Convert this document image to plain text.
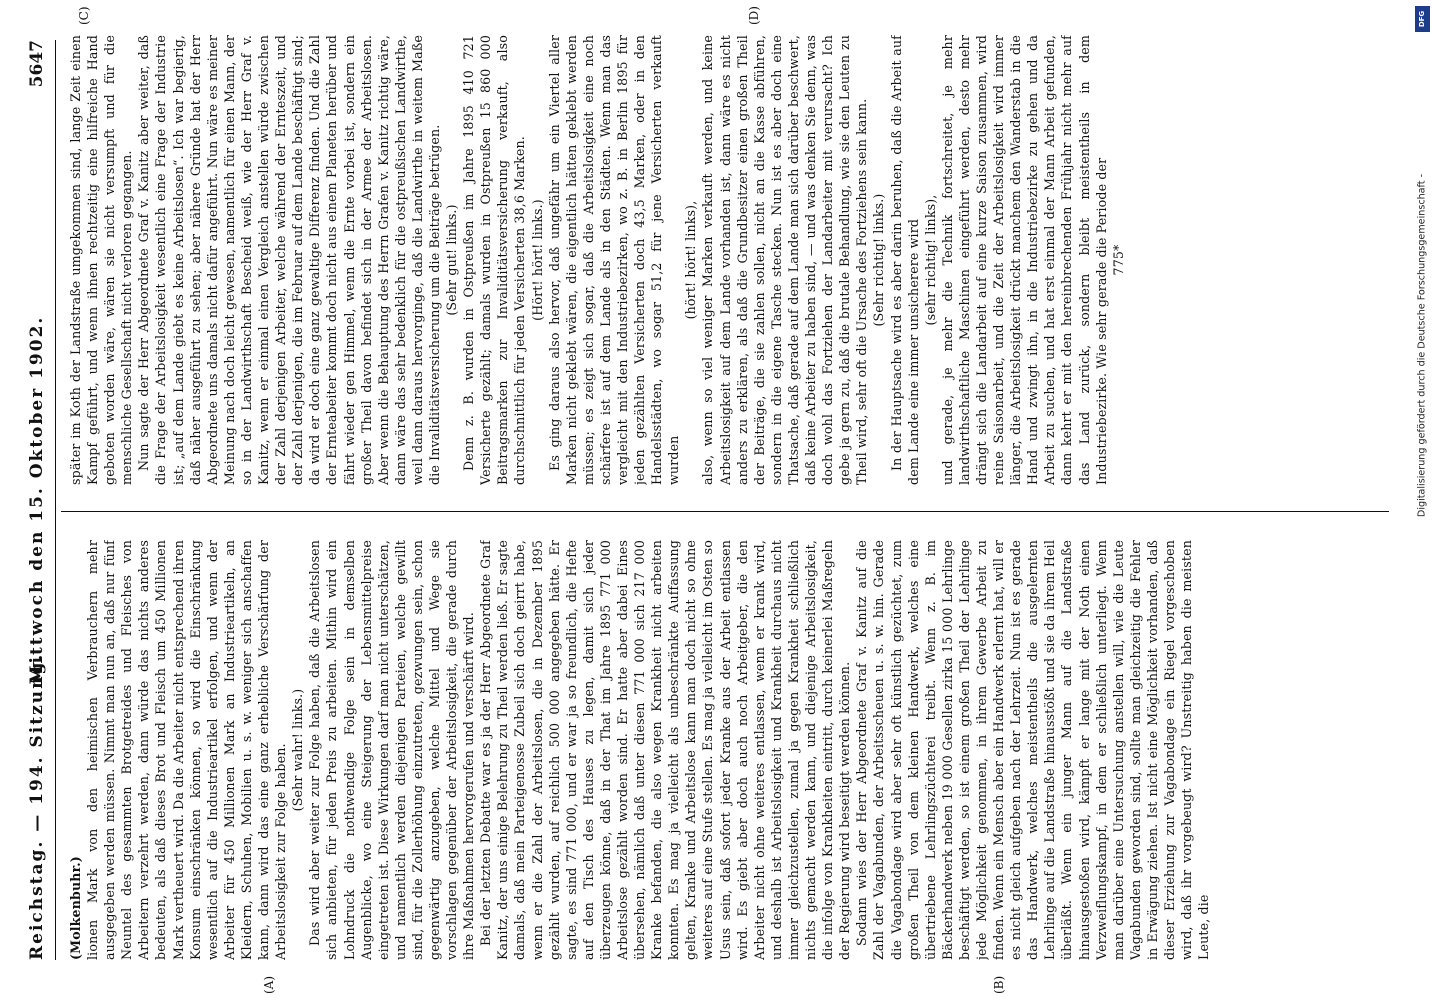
Reichstag. — 194. Sitzung.
Mittwoch den 15. Oktober 1902.
5647
(A)	(B)
(C)	(D)

(Molkenbuhr.) lionen Mark von den heimischen Verbrauchern mehr ausgegeben werden müssen. Nimmt man nun an, daß nur fünf Neuntel des gesammten Brotgetreides und Fleisches von Arbeitern verzehrt werden, dann würde das nichts anderes bedeuten, als daß dieses Brot und Fleisch um 450 Millionen Mark vertheuert wird. Da die Arbeiter nicht entsprechend ihren Konsum einschränken können, so wird die Einschränkung wesentlich auf die Industrieartikel erfolgen, und wenn der Arbeiter für 450 Millionen Mark an Industrieartikeln, an Kleidern, Schuhen, Mobilien u. s. w. weniger sich anschaffen kann, dann wird das eine ganz erhebliche Verschärfung der Arbeitslosigkeit zur Folge haben. (Sehr wahr! links.) Das wird aber weiter zur Folge haben, daß die Arbeitslosen sich anbieten, für jeden Preis zu arbeiten. Mithin wird ein Lohndruck die nothwendige Folge sein in demselben Augenblicke, wo eine Steigerung der Lebensmittelpreise eingetreten ist. Diese Wirkungen darf man nicht unterschätzen, und namentlich werden diejenigen Parteien, welche gewillt sind, für die Zollerhöhung einzutreten, gezwungen sein, schon gegenwärtig anzugeben, welche Mittel und Wege sie vorschlagen gegenüber der Arbeitslosigkeit, die gerade durch ihre Maßnahmen hervorgerufen und verschärft wird. Bei der letzten Debatte war es ja der Herr Abgeordnete Graf Kanitz, der uns einige Belehrung zu Theil werden ließ. Er sagte damals, daß mein Parteigenosse Zubeil sich doch geirrt habe, wenn er die Zahl der Arbeitslosen, die in Dezember 1895 gezählt wurden, auf reichlich 500 000 angegeben hätte. Er sagte, es sind 771 000, und er war ja so freundlich, die Hefte auf den Tisch des Hauses zu legen, damit sich jeder überzeugen könne, daß in der That im Jahre 1895 771 000 Arbeitslose gezählt worden sind. Er hatte aber dabei Eines übersehen, nämlich daß unter diesen 771 000 sich 217 000 Kranke befanden, die also wegen Krankheit nicht arbeiten konnten. Es mag ja vielleicht als unbeschränkte Auffassung gelten, Kranke und Arbeitslose kann man doch nicht so ohne weiteres auf eine Stufe stellen. Es mag ja vielleicht im Osten so Usus sein, daß sofort jeder Kranke aus der Arbeit entlassen wird. Es giebt aber doch auch noch Arbeitgeber, die den Arbeiter nicht ohne weiteres entlassen, wenn er krank wird, und deshalb ist Arbeitslosigkeit und Krankheit durchaus nicht immer gleichzustellen, zumal ja gegen Krankheit schließlich nichts gemacht werden kann, und diejenige Arbeitslosigkeit, die infolge von Krankheiten eintritt, durch keinerlei Maßregeln der Regierung wird beseitigt werden können. Sodann wies der Herr Abgeordnete Graf v. Kanitz auf die Zahl der Vagabunden, der Arbeitsscheuen u. s. w. hin. Gerade die Vagabondage wird aber sehr oft künstlich gezüchtet, zum großen Theil von dem kleinen Handwerk, welches eine übertriebene Lehrlingszüchterei treibt. Wenn z. B. im Bäckerhandwerk neben 19 000 Gesellen zirka 15 000 Lehrlinge beschäftigt werden, so ist einem großen Theil der Lehrlinge jede Möglichkeit genommen, in ihrem Gewerbe Arbeit zu finden. Wenn ein Mensch aber ein Handwerk erlernt hat, will er es nicht gleich aufgeben nach der Lehrzeit. Nun ist es gerade das Handwerk, welches meistentheils die ausgelernten Lehrlinge auf die Landstraße hinausstößt und sie da ihrem Heil überläßt. Wenn ein junger Mann auf die Landstraße hinausgestoßen wird, kämpft er lange mit der Noth einen Verzweiflungskampf, in dem er schließlich unterliegt. Wenn man darüber eine Untersuchung anstellen will, wie die Leute Vagabunden geworden sind, sollte man gleichzeitig die Fehler in Erwägung ziehen. Ist nicht eine Möglichkeit vorhanden, daß dieser Erziehung zur Vagabondage ein Riegel vorgeschoben wird, daß ihr vorgebeugt wird? Unstreitig haben die meisten Leute, die

später im Koth der Landstraße umgekommen sind, lange Zeit einen Kampf geführt, und wenn ihnen rechtzeitig eine hilfreiche Hand geboten worden wäre, wären sie nicht versumpft und für die menschliche Gesellschaft nicht verloren gegangen. Nun sagte der Herr Abgeordnete Graf v. Kanitz aber weiter, daß die Frage der Arbeitslosigkeit wesentlich eine Frage der Industrie ist; „auf dem Lande giebt es keine Arbeitslosen“. Ich war begierig, daß näher ausgeführt zu sehen; aber nähere Gründe hat der Herr Abgeordnete uns damals nicht dafür angeführt. Nun wäre es meiner Meinung nach doch leicht gewesen, namentlich für einen Mann, der so in der Landwirthschaft Bescheid weiß, wie der Herr Graf v. Kanitz, wenn er einmal einen Vergleich anstellen würde zwischen der Zahl derjenigen Arbeiter, welche während der Ernteszeit, und der Zahl derjenigen, die im Februar auf dem Lande beschäftigt sind; da wird er doch eine ganz gewaltige Differenz finden. Und die Zahl der Ernteabeiter kommt doch nicht aus einem Planeten herüber und fährt wieder gen Himmel, wenn die Ernte vorbei ist, sondern ein großer Theil davon befindet sich in der Armee der Arbeitslosen. Aber wenn die Behauptung des Herrn Grafen v. Kanitz richtig wäre, dann wäre das sehr bedenklich für die ostpreußischen Landwirthe, weil dann daraus hervorginge, daß die Landwirthe in weitem Maße die Invaliditätsversicherung um die Beiträge betrügen. (Sehr gut! links.) Denn z. B. wurden in Ostpreußen im Jahre 1895 410 721 Versicherte gezählt; damals wurden in Ostpreußen 15 860 000 Beitragsmarken zur Invaliditätsversicherung verkauft, also durchschnittlich für jeden Versicherten 38,6 Marken. (Hört! hört! links.) Es ging daraus also hervor, daß ungefähr um ein Viertel aller Marken nicht geklebt wären, die eigentlich hätten geklebt werden müssen; es zeigt sich sogar, daß die Arbeitslosigkeit eine noch schärfere ist auf dem Lande als in den Städten. Wenn man das vergleicht mit den Industriebezirken, wo z. B. in Berlin 1895 für jeden gezählten Versicherten doch 43,5 Marken, oder in den Handelsstädten, wo sogar 51,2 für jene Versicherten verkauft wurden

(hört! hört! links), also, wenn so viel weniger Marken verkauft werden, und keine Arbeitslosigkeit auf dem Lande vorhanden ist, dann wäre es nicht anders zu erklären, als daß die Grundbesitzer einen großen Theil der Beiträge, die sie zahlen sollen, nicht an die Kasse abführen, sondern in die eigene Tasche stecken. Nun ist es aber doch eine Thatsache, daß gerade auf dem Lande man sich darüber beschwert, daß keine Arbeiter zu haben sind, — und was denken Sie denn, was doch wohl das Fortziehen der Landarbeiter mit verursacht? Ich gebe ja gern zu, daß die brutale Behandlung, wie sie den Leuten zu Theil wird, sehr oft die Ursache des Fortziehens sein kann. (Sehr richtig! links.) In der Hauptsache wird es aber darin beruhen, daß die Arbeit auf dem Lande eine immer unsicherere wird (sehr richtig! links), und gerade, je mehr die Technik fortschreitet, je mehr landwirthschaftliche Maschinen eingeführt werden, desto mehr drängt sich die Landarbeit auf eine kurze Saison zusammen, wird reine Saisonarbeit, und die Zeit der Arbeitslosigkeit wird immer länger, die Arbeitslosigkeit drückt manchem den Wanderstab in die Hand und zwingt ihn, in die Industriebezirke zu gehen und da Arbeit zu suchen, und hat erst einmal der Mann Arbeit gefunden, dann kehrt er mit den hereinbrechenden Frühjahr nicht mehr auf das Land zurück, sondern bleibt meistentheils in dem Industriebezirke. Wie sehr gerade die Periode der 775*

DFG
Digitalisierung gefördert durch die Deutsche Forschungsgemeinschaft -
